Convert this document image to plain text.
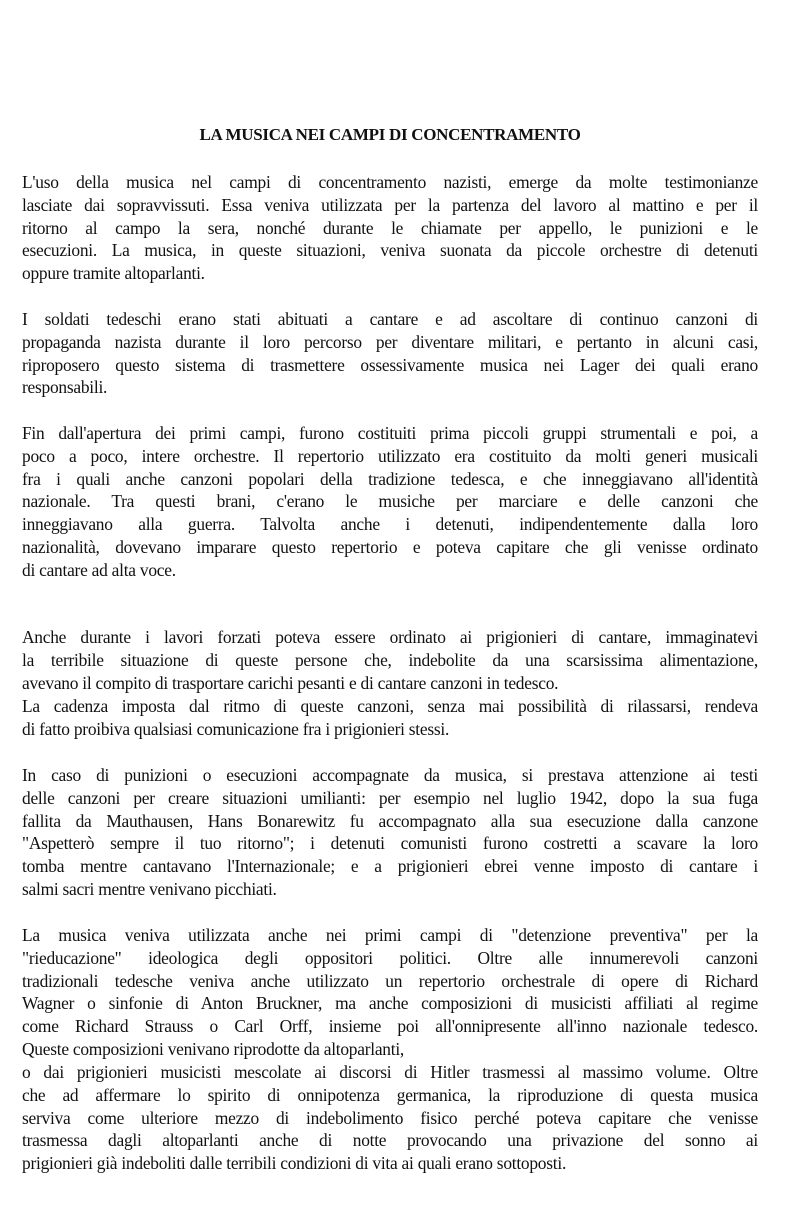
LA MUSICA NEI CAMPI DI CONCENTRAMENTO

L'uso della musica nel campi di concentramento nazisti, emerge da molte testimonianze
lasciate dai sopravvissuti. Essa veniva utilizzata per la partenza del lavoro al mattino e per il
ritorno al campo la sera, nonché durante le chiamate per appello, le punizioni e le
esecuzioni. La musica, in queste situazioni, veniva suonata da piccole orchestre di detenuti
oppure tramite altoparlanti.

I soldati tedeschi erano stati abituati a cantare e ad ascoltare di continuo canzoni di
propaganda nazista durante il loro percorso per diventare militari, e pertanto in alcuni casi,
riproposero questo sistema di trasmettere ossessivamente musica nei Lager dei quali erano
responsabili.

Fin dall'apertura dei primi campi, furono costituiti prima piccoli gruppi strumentali e poi, a
poco a poco, intere orchestre. Il repertorio utilizzato era costituito da molti generi musicali
fra i quali anche canzoni popolari della tradizione tedesca, e che inneggiavano all'identità
nazionale. Tra questi brani, c'erano le musiche per marciare e delle canzoni che
inneggiavano alla guerra. Talvolta anche i detenuti, indipendentemente dalla loro
nazionalità, dovevano imparare questo repertorio e poteva capitare che gli venisse ordinato
di cantare ad alta voce.

Anche durante i lavori forzati poteva essere ordinato ai prigionieri di cantare, immaginatevi
la terribile situazione di queste persone che, indebolite da una scarsissima alimentazione,
avevano il compito di trasportare carichi pesanti e di cantare canzoni in tedesco.

La cadenza imposta dal ritmo di queste canzoni, senza mai possibilità di rilassarsi, rendeva
di fatto proibiva qualsiasi comunicazione fra i prigionieri stessi.

In caso di punizioni o esecuzioni accompagnate da musica, si prestava attenzione ai testi
delle canzoni per creare situazioni umilianti: per esempio nel luglio 1942, dopo la sua fuga
fallita da Mauthausen, Hans Bonarewitz fu accompagnato alla sua esecuzione dalla canzone
"Aspetterò sempre il tuo ritorno"; i detenuti comunisti furono costretti a scavare la loro
tomba mentre cantavano l'Internazionale; e a prigionieri ebrei venne imposto di cantare i
salmi sacri mentre venivano picchiati.

La musica veniva utilizzata anche nei primi campi di "detenzione preventiva" per la
"rieducazione" ideologica degli oppositori politici. Oltre alle innumerevoli canzoni
tradizionali tedesche veniva anche utilizzato un repertorio orchestrale di opere di Richard
Wagner o sinfonie di Anton Bruckner, ma anche composizioni di musicisti affiliati al regime
come Richard Strauss o Carl Orff, insieme poi all'onnipresente all'inno nazionale tedesco.
Queste composizioni venivano riprodotte da altoparlanti,

o dai prigionieri musicisti mescolate ai discorsi di Hitler trasmessi al massimo volume. Oltre
che ad affermare lo spirito di onnipotenza germanica, la riproduzione di questa musica
serviva come ulteriore mezzo di indebolimento fisico perché poteva capitare che venisse
trasmessa dagli altoparlanti anche di notte provocando una privazione del sonno ai
prigionieri già indeboliti dalle terribili condizioni di vita ai quali erano sottoposti.
